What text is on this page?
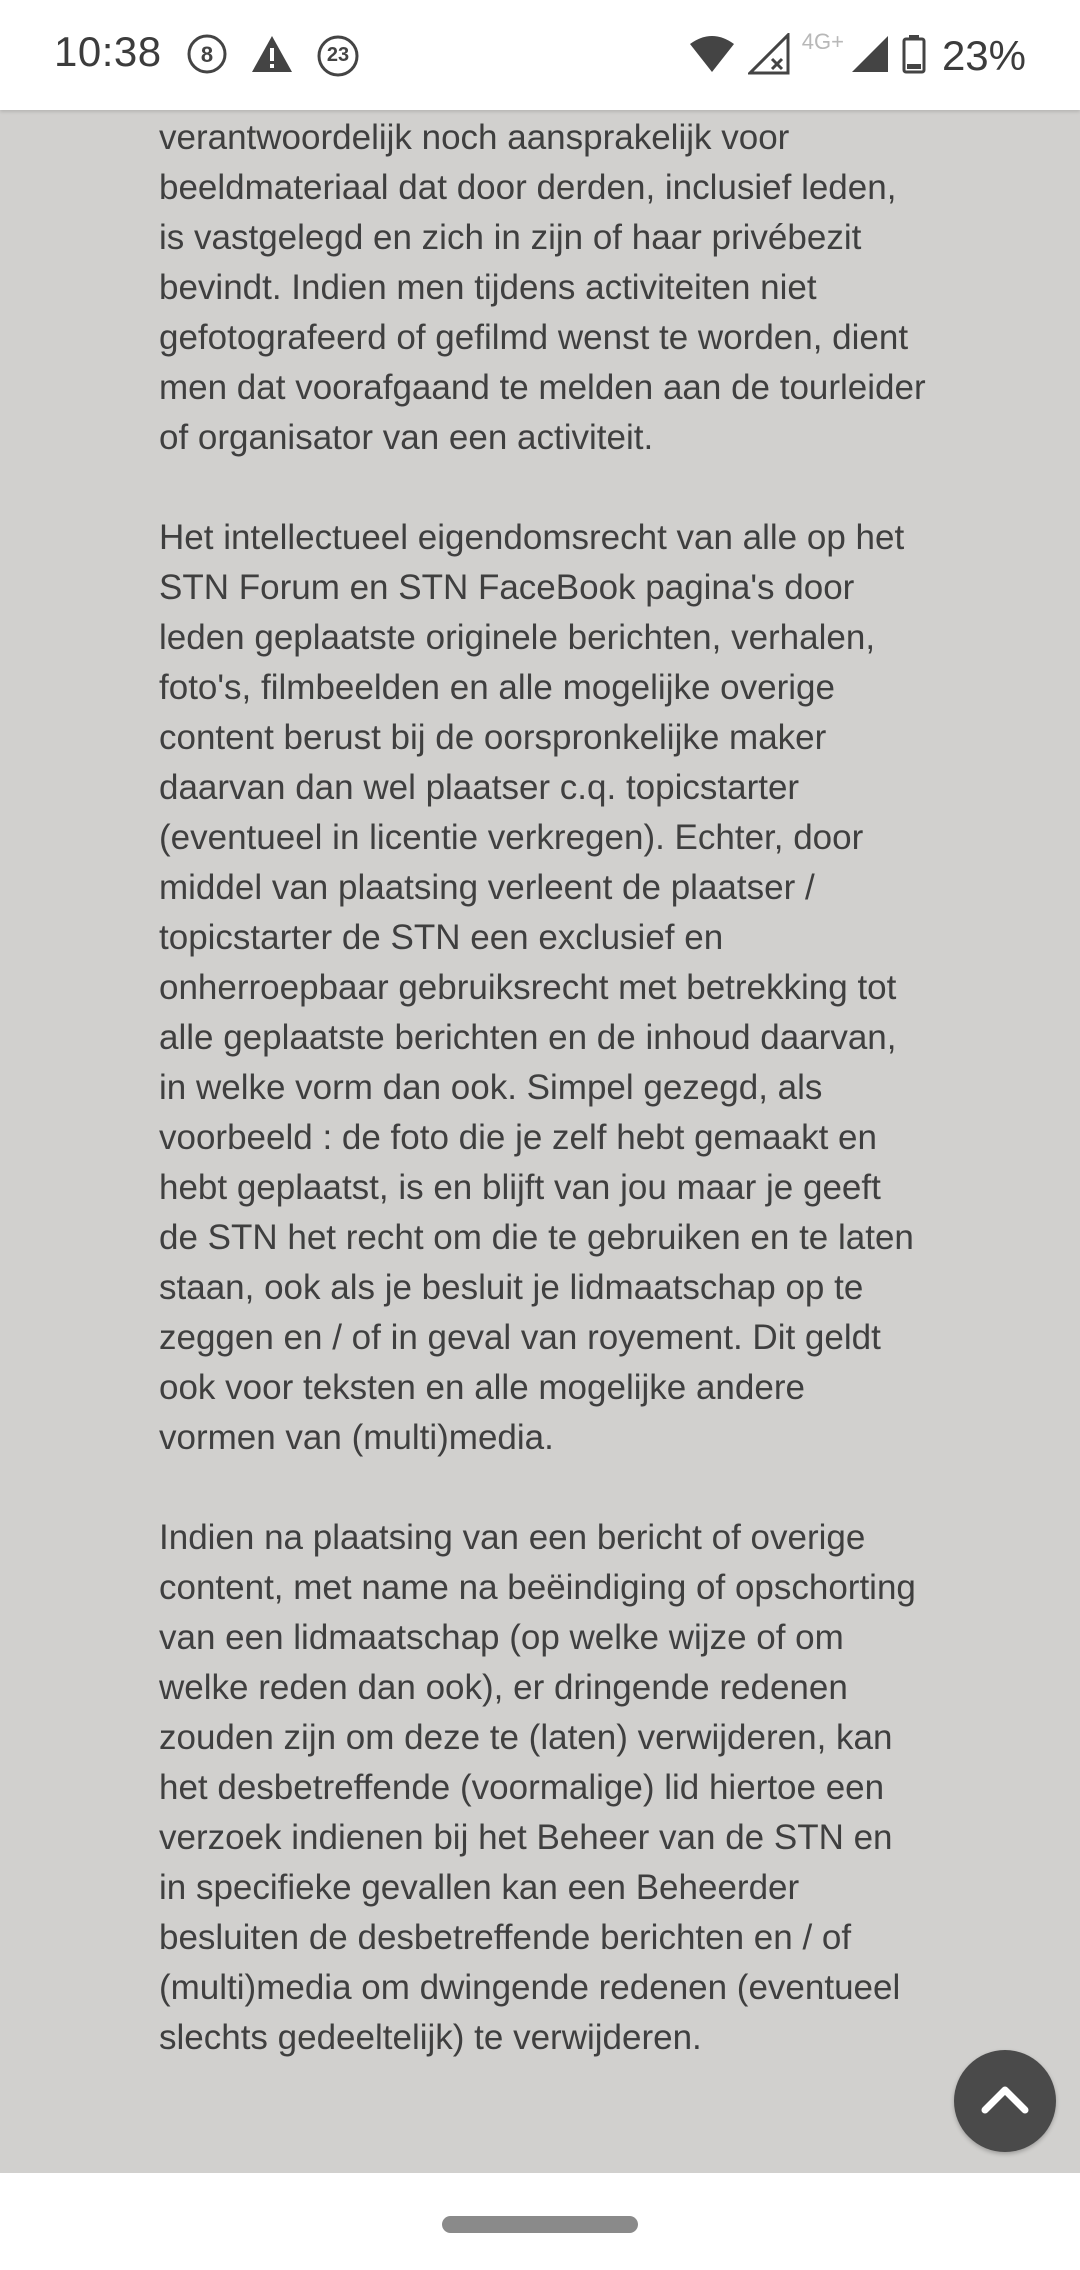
10:38 8	23
4G+ 23%

verantwoordelijk noch aansprakelijk voor beeldmateriaal dat door derden, inclusief leden, is vastgelegd en zich in zijn of haar privébezit bevindt. Indien men tijdens activiteiten niet gefotografeerd of gefilmd wenst te worden, dient men dat voorafgaand te melden aan de tourleider of organisator van een activiteit.

Het intellectueel eigendomsrecht van alle op het STN Forum en STN FaceBook pagina's door leden geplaatste originele berichten, verhalen, foto's, filmbeelden en alle mogelijke overige content berust bij de oorspronkelijke maker daarvan dan wel plaatser c.q. topicstarter (eventueel in licentie verkregen). Echter, door middel van plaatsing verleent de plaatser / topicstarter de STN een exclusief en onherroepbaar gebruiksrecht met betrekking tot alle geplaatste berichten en de inhoud daarvan, in welke vorm dan ook. Simpel gezegd, als voorbeeld : de foto die je zelf hebt gemaakt en hebt geplaatst, is en blijft van jou maar je geeft de STN het recht om die te gebruiken en te laten staan, ook als je besluit je lidmaatschap op te zeggen en / of in geval van royement. Dit geldt ook voor teksten en alle mogelijke andere vormen van (multi)media.

Indien na plaatsing van een bericht of overige content, met name na beëindiging of opschorting van een lidmaatschap (op welke wijze of om welke reden dan ook), er dringende redenen zouden zijn om deze te (laten) verwijderen, kan het desbetreffende (voormalige) lid hiertoe een verzoek indienen bij het Beheer van de STN en in specifieke gevallen kan een Beheerder besluiten de desbetreffende berichten en / of (multi)media om dwingende redenen (eventueel slechts gedeeltelijk) te verwijderen.
